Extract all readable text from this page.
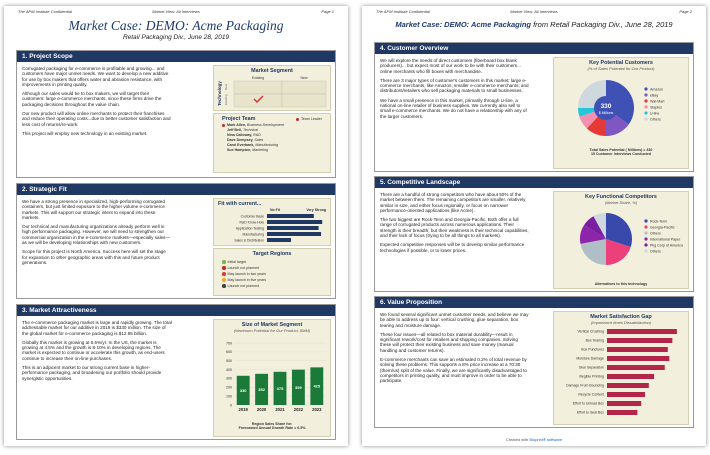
The APM Institute Confidential	Market View: All Interviews	Page 1
Market Case: DEMO: Acme Packaging
Retail Packaging Div., June 28, 2019
1. Project Scope

Corrugated packaging for e-commerce is profitable and growing... and customers have major unmet needs. We want to develop a new additive for use by box makers that offers water and abrasion resistance, with improvements in printing quality.

Although our sales would be to box makers, we will target their customers: large e-commerce merchants, since these firms drive the packaging decisions throughout the value chain.

Our new product will allow online merchants to protect their franchises and reduce their operating costs...due to better customer satisfaction and less cost of returns/re-work.

This project will employ new technology in an existing market.

Market Segment
Existing	New
Technology New
Existing
Project Team	Team Leader
Mark Allen, Business Development
Jeff Bell, Technical
Nina Calloway, R&D
Dave Dempsey, Sales
Carol Everbank, Manufacturing
Sue Hampton, Marketing
2. Strategic Fit

We have a strong presence in specialized, high-performing corrugated containers, but just limited exposure to the higher volume e-commerce markets. This will support our strategic intent to expand into these markets.

Our technical and manufacturing organizations already perform well in high performance packaging. However, we will need to strengthen our commercial organization in the e-commerce markets—especially sales—as we will be developing relationships with new customers.

Scope for this project is North America. Success here will set the stage for expansion to other geographic areas with this and future product generations.

Fit with current...
No Fit	Very Strong
Customer Base
R&D Know-How
Application Testing
Manufacturing
Sales & Distribution
Target Regions
Initial target
Launch not planned
May launch in two years
May launch in five years
Launch not planned
3. Market Attractiveness

The e-commerce packaging market is large and rapidly growing. The total addressable market for our additive in 2019 is $330 million. The size of the global market for e-commerce packaging is $12.95 billion.

Globally this market is growing at 6.5%/yr. In the US, the market is growing at 4.5% and the growth is 8-10% in developing regions. The market is expected to continue or accelerate this growth, as end-users continue to increase their on-line purchases.

This is an adjacent market to our strong current base in higher-performance packaging, and broadening our portfolio should provide synergistic opportunities.

Size of Market Segment
(Maximum Potential for Our Product, $MM)
0
100
200
300
400
500
600
700
330
2019
352
2020
375
2021
399
2022
425
2023
Region Sales Share for:
Forecasted Annual Growth Rate = 6.5%
The APM Institute Confidential	Market View: All Interviews	Page 2
Market Case: DEMO: Acme Packaging from Retail Packaging Div., June 28, 2019
4. Customer Overview

We will explore the needs of direct customers (fiberboard box blank producers)... but expect most of our work to be with their customers... online merchants who fill boxes with merchandise.

There are 3 major types of customer's customers in this market: large e-commerce merchants, like Amazon; smaller e-commerce merchants; and distributors/retailers who sell packaging materials to small businesses.

We have a small presence in this market, primarily through U-line, a national on-line retailer of business supplies. We currently also sell to small e-commerce merchants. We do not have a relationship with any of the larger customers.

Key Potential Customers
(% of Sales Potential for Our Product)
330
$ Millions
Amazon
eBay
Wal-Mart
Staples
U-line
Others
Total Sales Potential ( Millions) = 330
15 Customer Interviews Conducted
5. Competitive Landscape

There are a handful of strong competitors who have about 50% of the market between them. The remaining competitors are smaller, relatively similar in size, and either focus regionally, or focus on narrower performance-oriented applications (like Acme).

The two biggest are Rock-Tenn and Georgia-Pacific. Both offer a full range of corrugated products across numerous applications. Their strength is their breadth; but their weakness is their technical capabilities, and their lack of focus (trying to be all things to all markets).

Expected competitive responses will be to develop similar performance technologies if possible, or to lower prices.

Key Functional Competitors
(Market Share, %)
Rock-Tenn
Georgia-Pacific
Others
International Paper
Pkg Corp of America
Others
Alternatives to this technology
6. Value Proposition

We found several significant unmet customer needs, and believe we may be able to address up to four: vertical crushing, glue separation, box tearing and moisture damage.

These four issues—all related to box material durability—result in significant rework/cost for retailers and shipping companies. Solving these will protect their existing business and save money (manual handling and customer returns).

E-commerce merchants can save an estimated 0.2% of total revenue by solving these problems. This supports a 8% price increase at a 70:30 (them/us) split of the value. Finally, we are significantly disadvantaged to competitors in printing quality, and must improve in order to be able to participate.

Market Satisfaction Gap
(Importance times Dissatisfaction)
Vertical Crushing
Box Tearing
Box Punctures
Moisture Damage
Glue Separation
Illegible Printing
Damage From Bouncing
Recycle Content
Effort to Unload Box
Effort to Seal Box
Created with Bluprint® software
